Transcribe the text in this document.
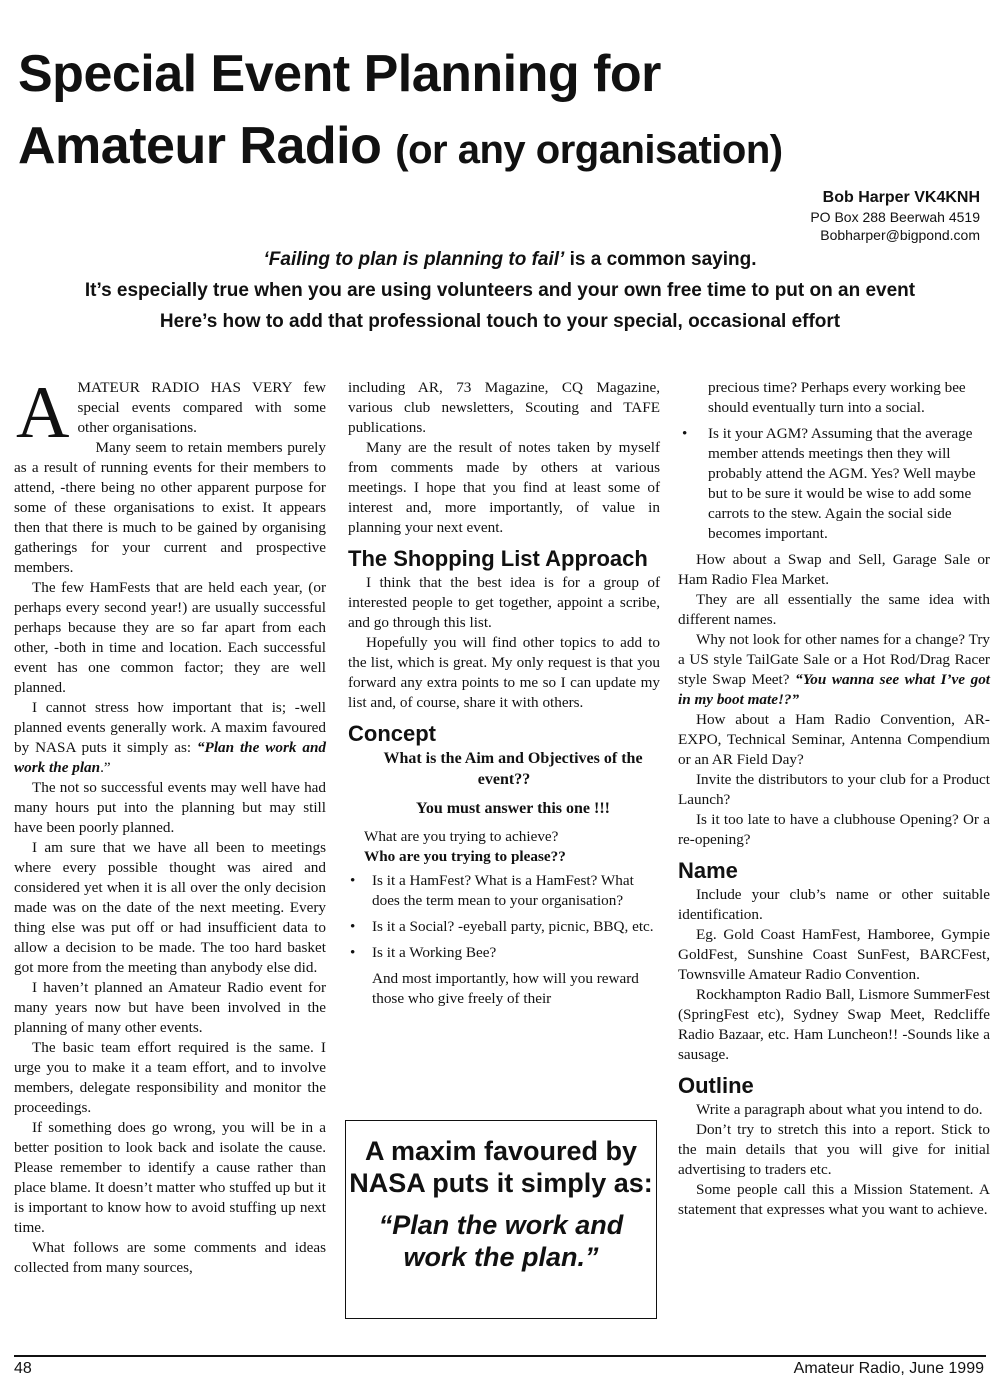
Special Event Planning for
Amateur Radio (or any organisation)
Bob Harper VK4KNH
PO Box 288 Beerwah 4519
Bobharper@bigpond.com

‘Failing to plan is planning to fail’ is a common saying.

It’s especially true when you are using volunteers and your own free time to put on an event

Here’s how to add that professional touch to your special, occasional effort

AMATEUR RADIO HAS VERY few special events compared with some other organisations.

Many seem to retain members purely as a result of running events for their members to attend, -there being no other apparent purpose for some of these organisations to exist. It appears then that there is much to be gained by organising gatherings for your current and prospective members.

The few HamFests that are held each year, (or perhaps every second year!) are usually successful perhaps because they are so far apart from each other, -both in time and location. Each successful event has one common factor; they are well planned.

I cannot stress how important that is; -well planned events generally work. A maxim favoured by NASA puts it simply as: “Plan the work and work the plan.”

The not so successful events may well have had many hours put into the planning but may still have been poorly planned.

I am sure that we have all been to meetings where every possible thought was aired and considered yet when it is all over the only decision made was on the date of the next meeting. Every thing else was put off or had insufficient data to allow a decision to be made. The too hard basket got more from the meeting than anybody else did.

I haven’t planned an Amateur Radio event for many years now but have been involved in the planning of many other events.

The basic team effort required is the same. I urge you to make it a team effort, and to involve members, delegate responsibility and monitor the proceedings.

If something does go wrong, you will be in a better position to look back and isolate the cause. Please remember to identify a cause rather than place blame. It doesn’t matter who stuffed up but it is important to know how to avoid stuffing up next time.

What follows are some comments and ideas collected from many sources,

including AR, 73 Magazine, CQ Magazine, various club newsletters, Scouting and TAFE publications.

Many are the result of notes taken by myself from comments made by others at various meetings. I hope that you find at least some of interest and, more importantly, of value in planning your next event.

The Shopping List Approach

I think that the best idea is for a group of interested people to get together, appoint a scribe, and go through this list.

Hopefully you will find other topics to add to the list, which is great. My only request is that you forward any extra points to me so I can update my list and, of course, share it with others.

Concept

What is the Aim and Objectives of the event??

You must answer this one !!!

What are you trying to achieve?

Who are you trying to please??

• Is it a HamFest? What is a HamFest? What does the term mean to your organisation?
• Is it a Social? -eyeball party, picnic, BBQ, etc.
• Is it a Working Bee?

And most importantly, how will you reward those who give freely of their

A maxim favoured by NASA puts it simply as:
“Plan the work and work the plan.”

precious time? Perhaps every working bee should eventually turn into a social.

• Is it your AGM? Assuming that the average member attends meetings then they will probably attend the AGM. Yes? Well maybe but to be sure it would be wise to add some carrots to the stew. Again the social side becomes important.

How about a Swap and Sell, Garage Sale or Ham Radio Flea Market.

They are all essentially the same idea with different names.

Why not look for other names for a change? Try a US style TailGate Sale or a Hot Rod/Drag Racer style Swap Meet? “You wanna see what I’ve got in my boot mate!?”

How about a Ham Radio Convention, AR-EXPO, Technical Seminar, Antenna Compendium or an AR Field Day?

Invite the distributors to your club for a Product Launch?

Is it too late to have a clubhouse Opening? Or a re-opening?

Name

Include your club’s name or other suitable identification.

Eg. Gold Coast HamFest, Hamboree, Gympie GoldFest, Sunshine Coast SunFest, BARCFest, Townsville Amateur Radio Convention.

Rockhampton Radio Ball, Lismore SummerFest (SpringFest etc), Sydney Swap Meet, Redcliffe Radio Bazaar, etc. Ham Luncheon!! -Sounds like a sausage.

Outline

Write a paragraph about what you intend to do.

Don’t try to stretch this into a report. Stick to the main details that you will give for initial advertising to traders etc.

Some people call this a Mission Statement. A statement that expresses what you want to achieve.

48	Amateur Radio, June 1999
